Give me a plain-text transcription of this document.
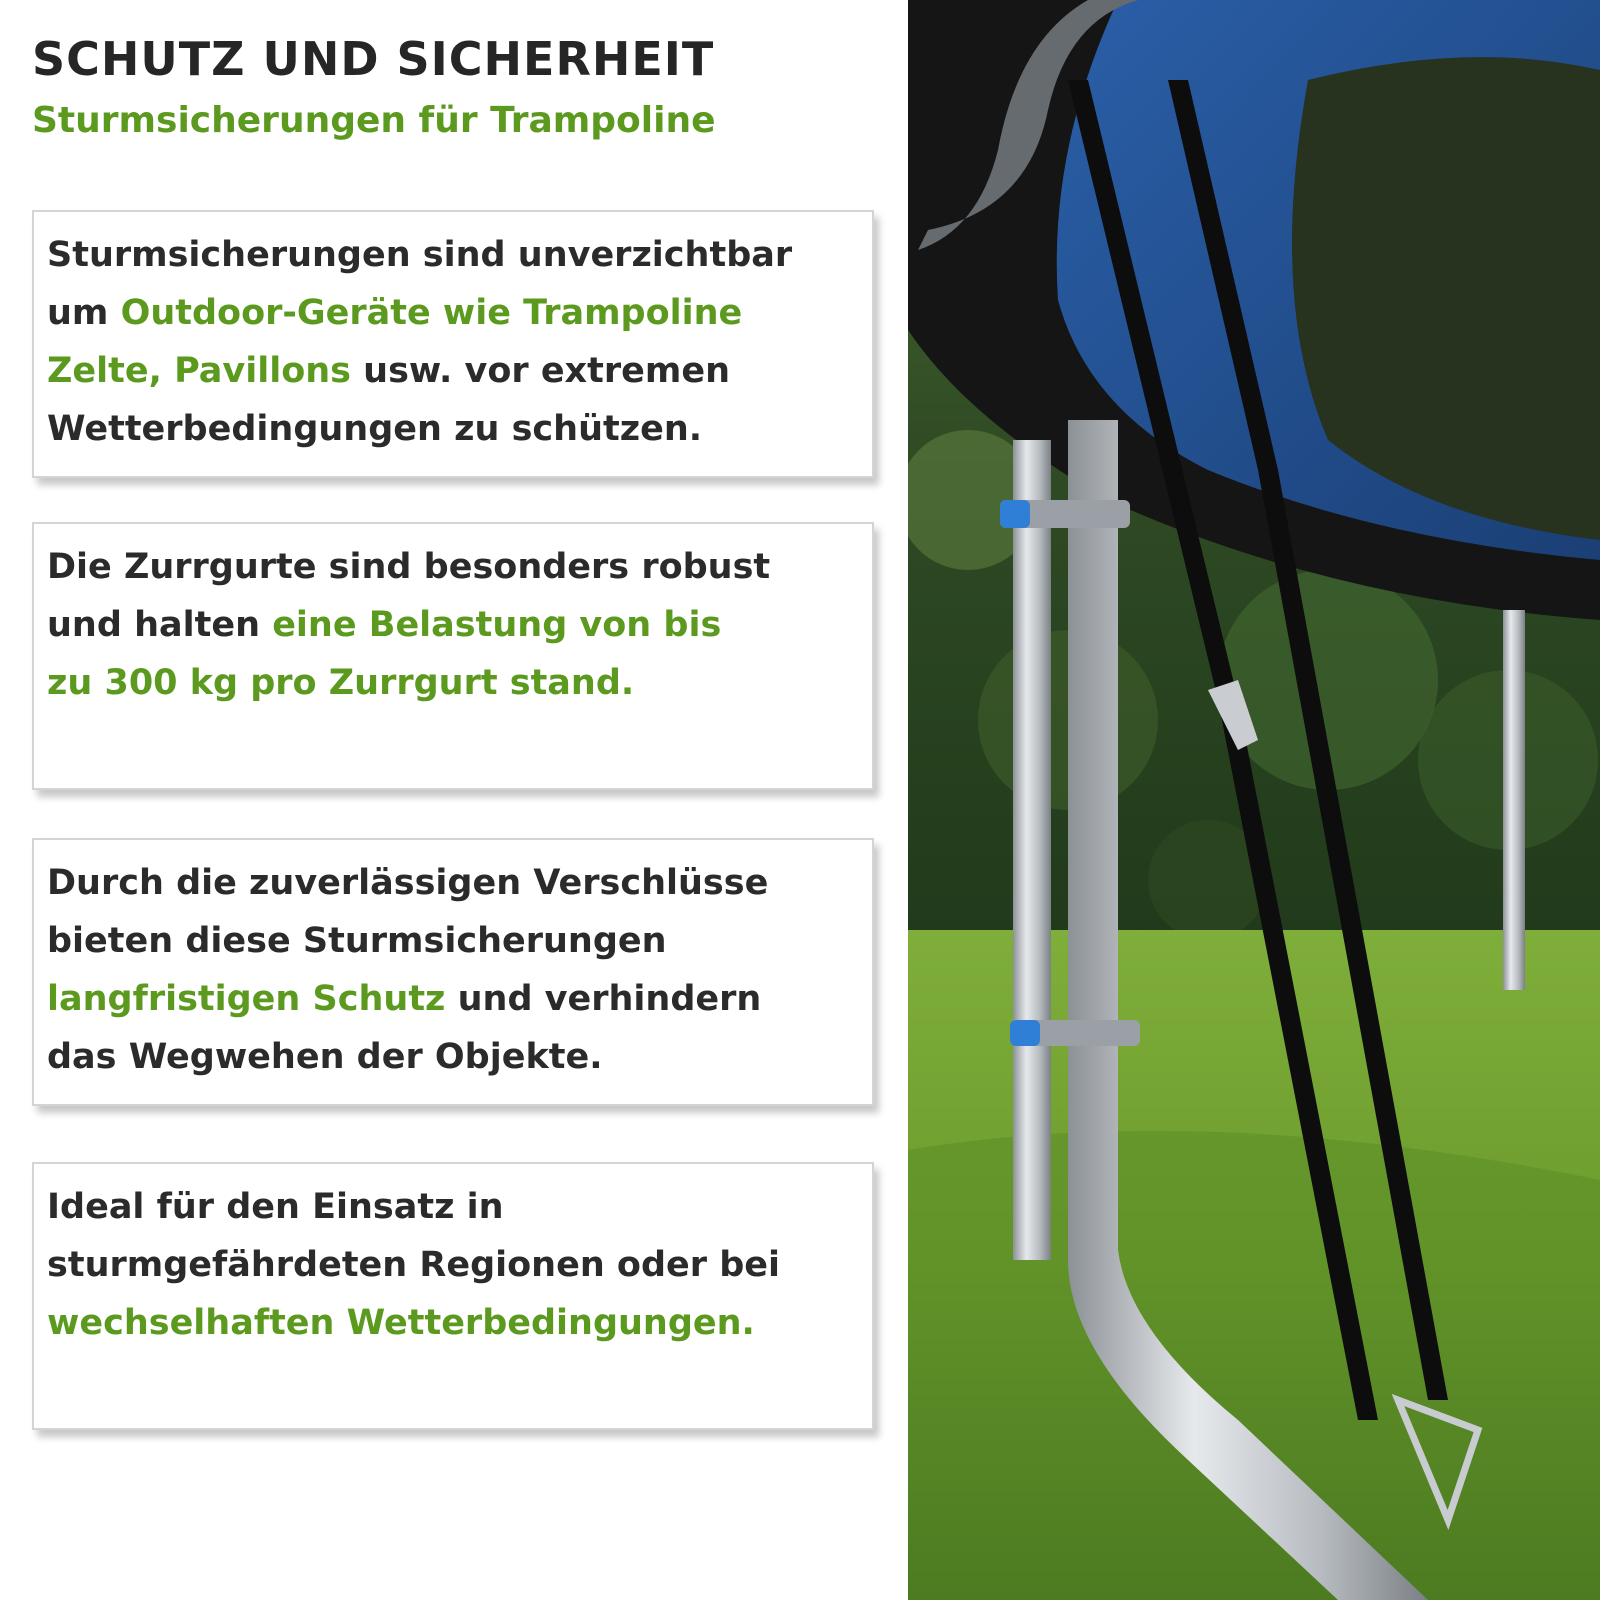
SCHUTZ UND SICHERHEIT
Sturmsicherungen für Trampoline

Sturmsicherungen sind unverzichtbar
um Outdoor-Geräte wie Trampoline
Zelte, Pavillons usw. vor extremen
Wetterbedingungen zu schützen.

Die Zurrgurte sind besonders robust
und halten eine Belastung von bis
zu 300 kg pro Zurrgurt stand.

Durch die zuverlässigen Verschlüsse
bieten diese Sturmsicherungen
langfristigen Schutz und verhindern
das Wegwehen der Objekte.

Ideal für den Einsatz in
sturmgefährdeten Regionen oder bei
wechselhaften Wetterbedingungen.
